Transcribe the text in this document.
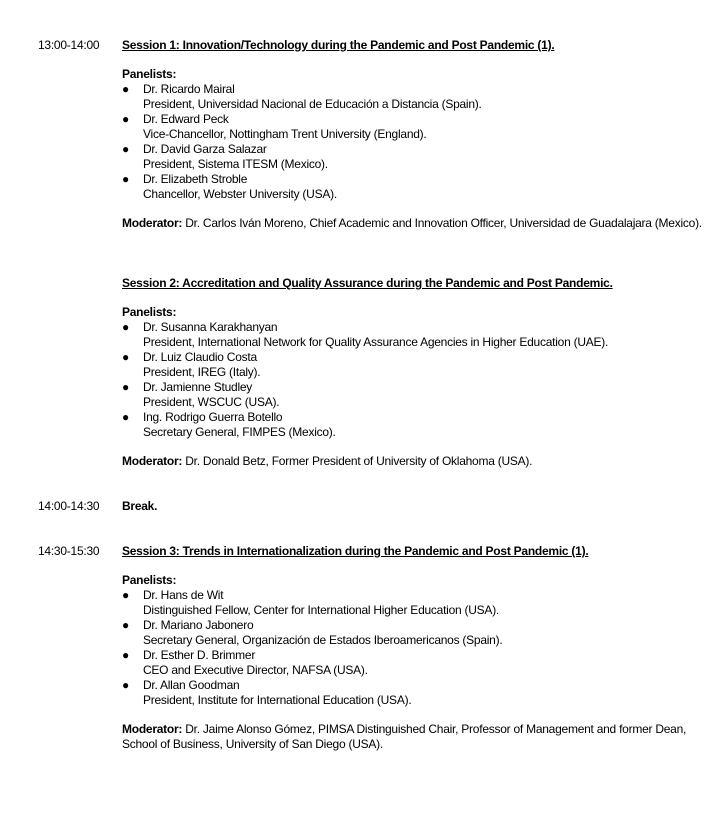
13:00-14:00 Session 1: Innovation/Technology during the Pandemic and Post Pandemic (1).

Panelists:
● Dr. Ricardo Mairal
President, Universidad Nacional de Educación a Distancia (Spain).
● Dr. Edward Peck
Vice-Chancellor, Nottingham Trent University (England).
● Dr. David Garza Salazar
President, Sistema ITESM (Mexico).
● Dr. Elizabeth Stroble
Chancellor, Webster University (USA).
Moderator: Dr. Carlos Iván Moreno, Chief Academic and Innovation Officer, Universidad de Guadalajara (Mexico).

Session 2: Accreditation and Quality Assurance during the Pandemic and Post Pandemic.

Panelists:
● Dr. Susanna Karakhanyan
President, International Network for Quality Assurance Agencies in Higher Education (UAE).
● Dr. Luiz Claudio Costa
President, IREG (Italy).
● Dr. Jamienne Studley
President, WSCUC (USA).
● Ing. Rodrigo Guerra Botello
Secretary General, FIMPES (Mexico).
Moderator: Dr. Donald Betz, Former President of University of Oklahoma (USA).
14:00-14:30 Break.
14:30-15:30 Session 3: Trends in Internationalization during the Pandemic and Post Pandemic (1).

Panelists:
● Dr. Hans de Wit
Distinguished Fellow, Center for International Higher Education (USA).
● Dr. Mariano Jabonero
Secretary General, Organización de Estados Iberoamericanos (Spain).
● Dr. Esther D. Brimmer
CEO and Executive Director, NAFSA (USA).
● Dr. Allan Goodman
President, Institute for International Education (USA).
Moderator: Dr. Jaime Alonso Gómez, PIMSA Distinguished Chair, Professor of Management and former Dean, School of Business, University of San Diego (USA).
